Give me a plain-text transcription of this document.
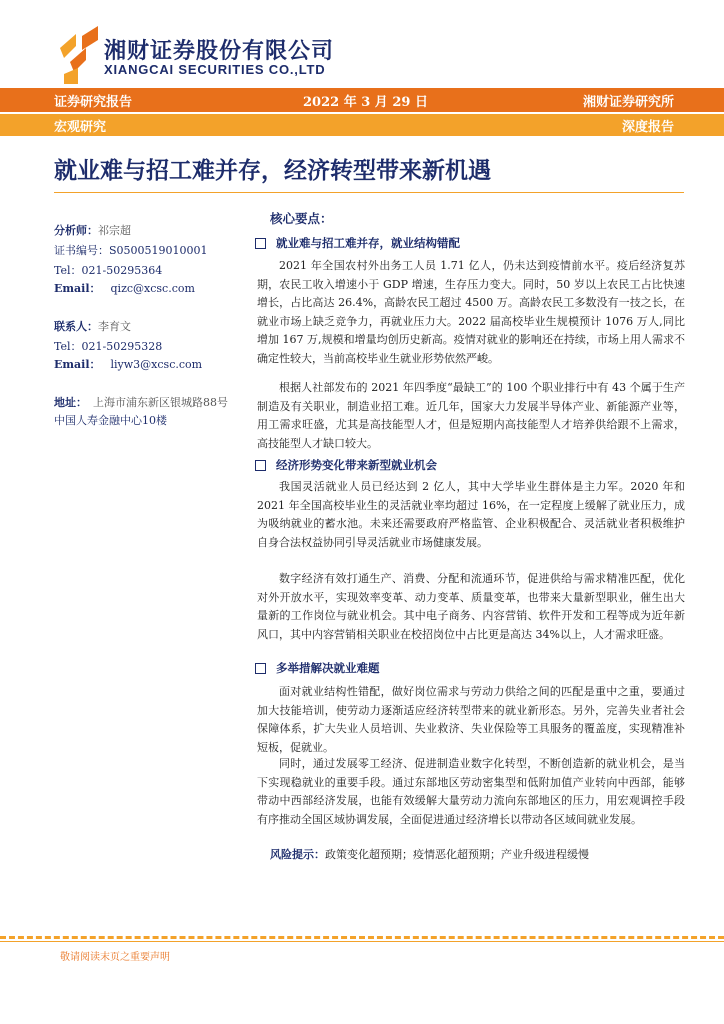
湘财证券股份有限公司
XIANGCAI SECURITIES CO.,LTD
证券研究报告	2022 年 3 月 29 日	湘财证券研究所
宏观研究	深度报告
就业难与招工难并存，经济转型带来新机遇
分析师：祁宗超
证书编号：S0500519010001
Tel：021-50295364
Email： qizc@xcsc.com
联系人：李育文
Tel：021-50295328
Email： liyw3@xcsc.com
地址： 上海市浦东新区银城路88号
中国人寿金融中心10楼
核心要点：
就业难与招工难并存，就业结构错配

2021 年全国农村外出务工人员 1.71 亿人，仍未达到疫情前水平。疫后经济复苏期，农民工收入增速小于 GDP 增速，生存压力变大。同时，50 岁以上农民工占比快速增长，占比高达 26.4%，高龄农民工超过 4500 万。高龄农民工多数没有一技之长，在就业市场上缺乏竞争力，再就业压力大。2022 届高校毕业生规模预计 1076 万人,同比增加 167 万,规模和增量均创历史新高。疫情对就业的影响还在持续，市场上用人需求不确定性较大，当前高校毕业生就业形势依然严峻。

根据人社部发布的 2021 年四季度“最缺工”的 100 个职业排行中有 43 个属于生产制造及有关职业，制造业招工难。近几年，国家大力发展半导体产业、新能源产业等，用工需求旺盛，尤其是高技能型人才，但是短期内高技能型人才培养供给跟不上需求，高技能型人才缺口较大。

经济形势变化带来新型就业机会

我国灵活就业人员已经达到 2 亿人，其中大学毕业生群体是主力军。2020 年和 2021 年全国高校毕业生的灵活就业率均超过 16%，在一定程度上缓解了就业压力，成为吸纳就业的蓄水池。未来还需要政府严格监管、企业积极配合、灵活就业者积极维护自身合法权益协同引导灵活就业市场健康发展。

数字经济有效打通生产、消费、分配和流通环节，促进供给与需求精准匹配，优化对外开放水平，实现效率变革、动力变革、质量变革，也带来大量新型职业，催生出大量新的工作岗位与就业机会。其中电子商务、内容营销、软件开发和工程等成为近年新风口，其中内容营销相关职业在校招岗位中占比更是高达 34%以上，人才需求旺盛。

多举措解决就业难题

面对就业结构性错配，做好岗位需求与劳动力供给之间的匹配是重中之重，要通过加大技能培训，使劳动力逐渐适应经济转型带来的就业新形态。另外，完善失业者社会保障体系，扩大失业人员培训、失业救济、失业保险等工具服务的覆盖度，实现精准补短板，促就业。

同时，通过发展零工经济、促进制造业数字化转型，不断创造新的就业机会，是当下实现稳就业的重要手段。通过东部地区劳动密集型和低附加值产业转向中西部，能够带动中西部经济发展，也能有效缓解大量劳动力流向东部地区的压力，用宏观调控手段有序推动全国区域协调发展，全面促进通过经济增长以带动各区域间就业发展。

风险提示：政策变化超预期；疫情恶化超预期；产业升级进程缓慢
敬请阅读末页之重要声明
